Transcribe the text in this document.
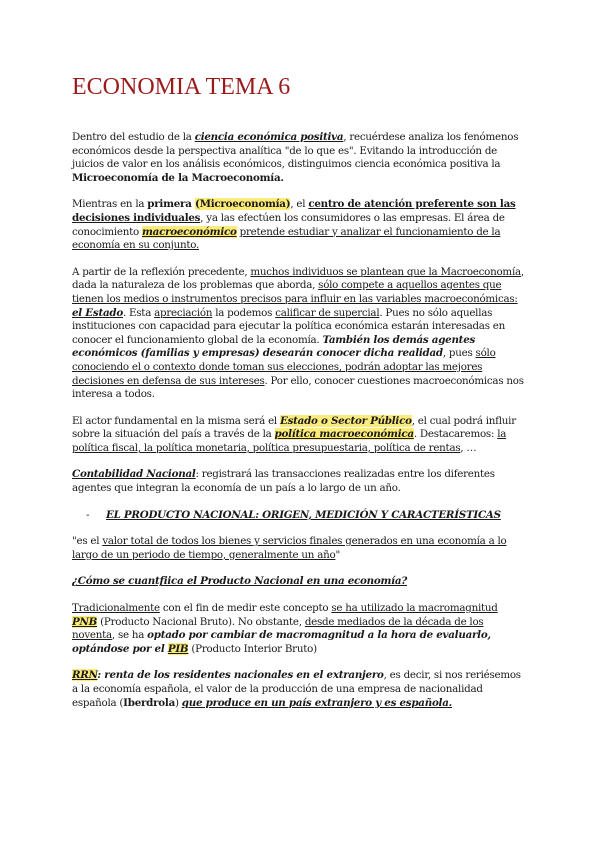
ECONOMIA TEMA 6

Dentro del estudio de la ciencia económica positiva, recuérdese analiza los fenómenos económicos desde la perspectiva analítica "de lo que es". Evitando la introducción de juicios de valor en los análisis económicos, distinguimos ciencia económica positiva la Microeconomía de la Macroeconomía.

Mientras en la primera (Microeconomía), el centro de atención preferente son las decisiones individuales, ya las efectúen los consumidores o las empresas. El área de conocimiento macroeconómico pretende estudiar y analizar el funcionamiento de la economía en su conjunto.

A partir de la reflexión precedente, muchos individuos se plantean que la Macroeconomía, dada la naturaleza de los problemas que aborda, sólo compete a aquellos agentes que tienen los medios o instrumentos precisos para influir en las variables macroeconómicas: el Estado. Esta apreciación la podemos calificar de supercial. Pues no sólo aquellas instituciones con capacidad para ejecutar la política económica estarán interesadas en conocer el funcionamiento global de la economía. También los demás agentes económicos (familias y empresas) desearán conocer dicha realidad, pues sólo conociendo el o contexto donde toman sus elecciones, podrán adoptar las mejores decisiones en defensa de sus intereses. Por ello, conocer cuestiones macroeconómicas nos interesa a todos.

El actor fundamental en la misma será el Estado o Sector Público, el cual podrá influir sobre la situación del país a través de la política macroeconómica. Destacaremos: la política fiscal, la política monetaria, política presupuestaria, política de rentas, …

Contabilidad Nacional: registrará las transacciones realizadas entre los diferentes agentes que integran la economía de un país a lo largo de un año.

- EL PRODUCTO NACIONAL: ORIGEN, MEDICIÓN Y CARACTERÍSTICAS

"es el valor total de todos los bienes y servicios finales generados en una economía a lo largo de un periodo de tiempo, generalmente un año"

¿Cómo se cuantfiica el Producto Nacional en una economía?

Tradicionalmente con el fin de medir este concepto se ha utilizado la macromagnitud PNB (Producto Nacional Bruto). No obstante, desde mediados de la década de los noventa, se ha optado por cambiar de macromagnitud a la hora de evaluarlo, optándose por el PIB (Producto Interior Bruto)

RRN: renta de los residentes nacionales en el extranjero, es decir, si nos reriésemos a la economía española, el valor de la producción de una empresa de nacionalidad española (Iberdrola) que produce en un país extranjero y es española.
